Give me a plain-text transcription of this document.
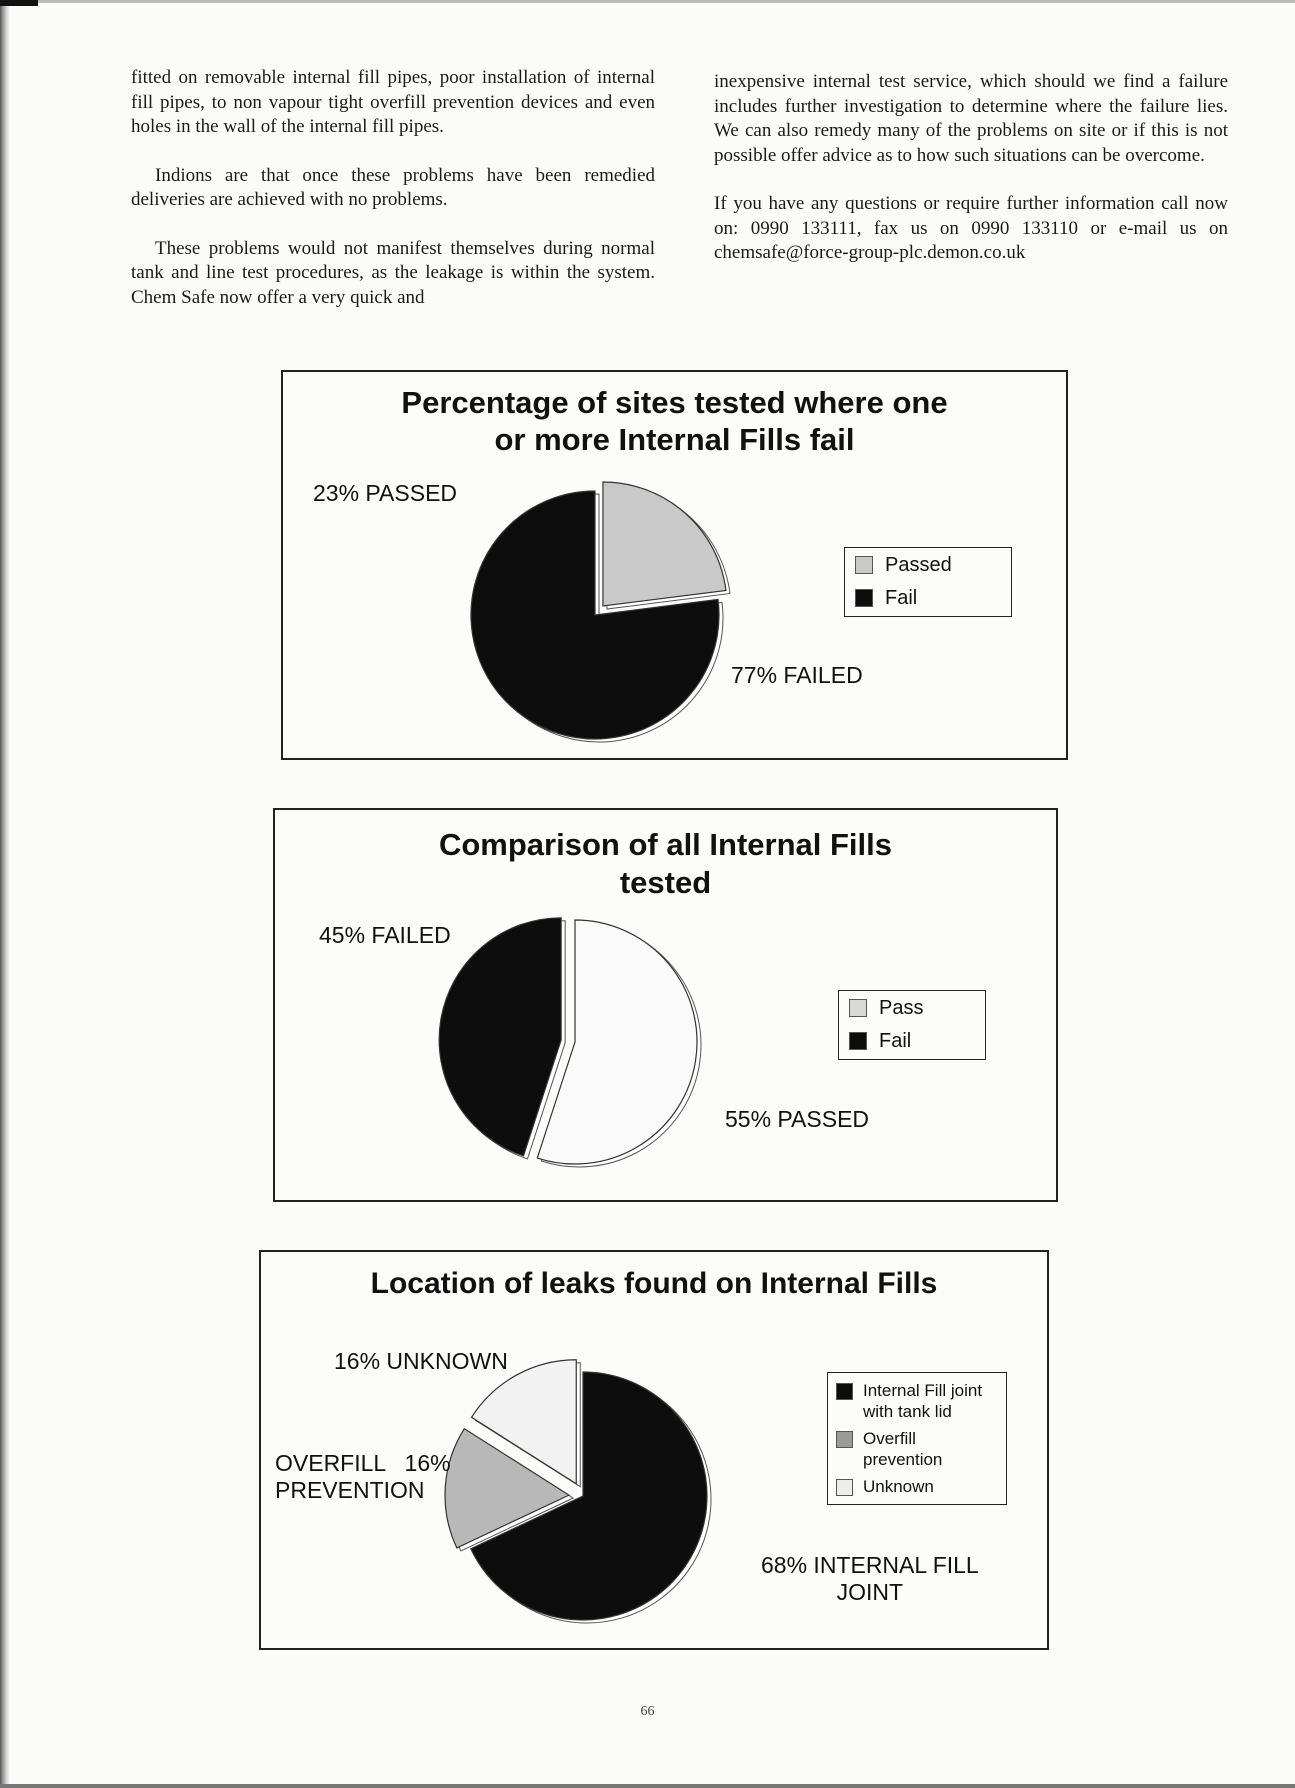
fitted on removable internal fill pipes, poor installation of internal fill pipes, to non vapour tight overfill prevention devices and even holes in the wall of the internal fill pipes.

Indions are that once these problems have been remedied deliveries are achieved with no problems.

These problems would not manifest themselves during normal tank and line test procedures, as the leakage is within the system. Chem Safe now offer a very quick and

inexpensive internal test service, which should we find a failure includes further investigation to determine where the failure lies. We can also remedy many of the problems on site or if this is not possible offer advice as to how such situations can be overcome.

If you have any questions or require further information call now on: 0990 133111, fax us on 0990 133110 or e-mail us on chemsafe@force-group-plc.demon.co.uk

Percentage of sites tested where one
or more Internal Fills fail
23% PASSED
77% FAILED
Passed
Fail
Comparison of all Internal Fills
tested
45% FAILED
55% PASSED
Pass
Fail
Location of leaks found on Internal Fills
16% UNKNOWN
OVERFILL   16%
PREVENTION
68% INTERNAL FILL
JOINT
Internal Fill joint with tank lid
Overfill prevention
Unknown
66
